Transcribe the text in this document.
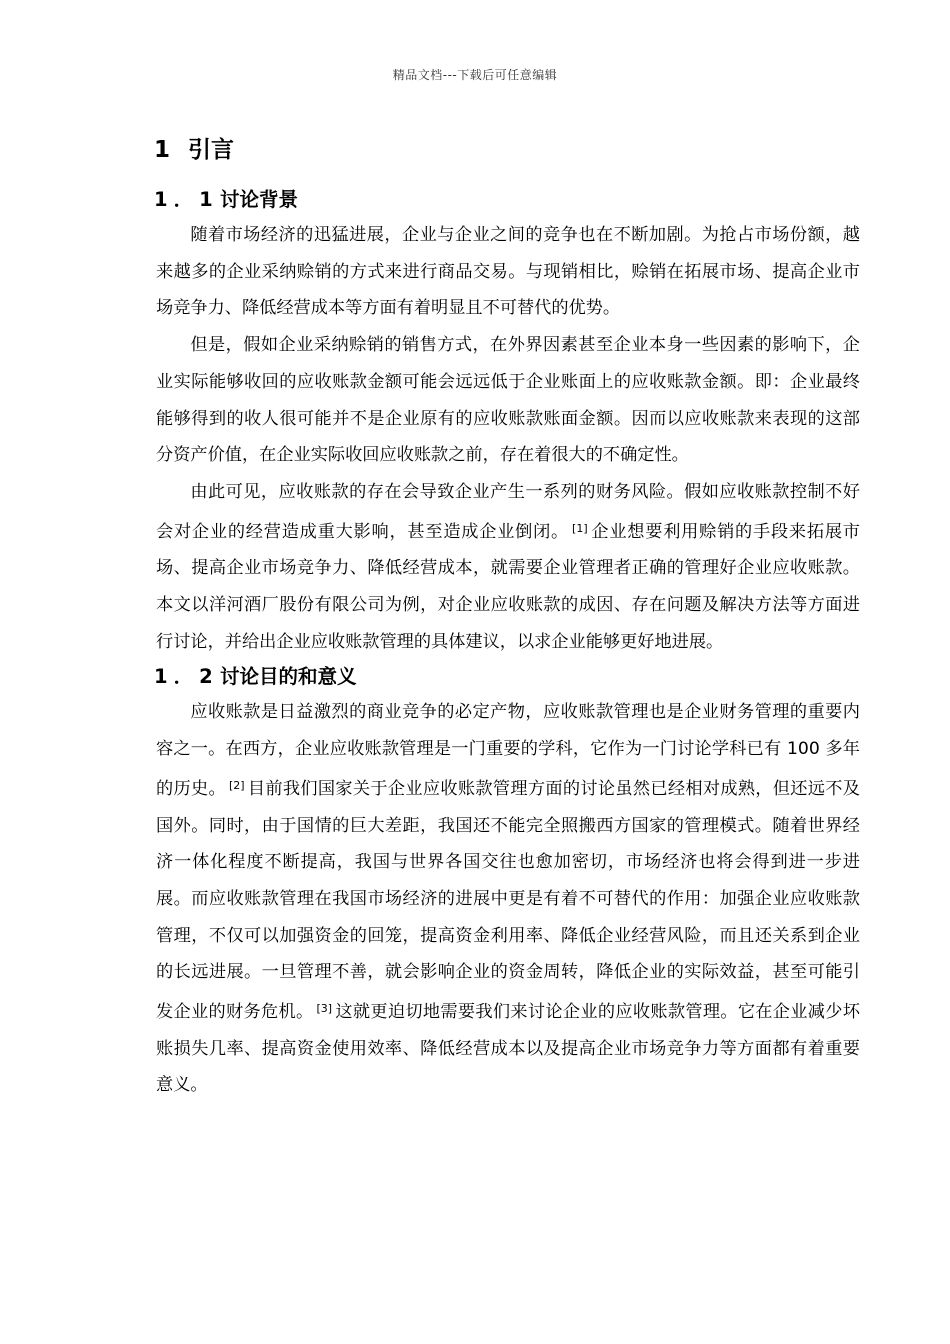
精品文档---下载后可任意编辑
1 引言
1．1讨论背景

随着市场经济的迅猛进展，企业与企业之间的竞争也在不断加剧。为抢占市场份额，越来越多的企业采纳赊销的方式来进行商品交易。与现销相比，赊销在拓展市场、提高企业市场竞争力、降低经营成本等方面有着明显且不可替代的优势。

但是，假如企业采纳赊销的销售方式，在外界因素甚至企业本身一些因素的影响下，企业实际能够收回的应收账款金额可能会远远低于企业账面上的应收账款金额。即：企业最终能够得到的收人很可能并不是企业原有的应收账款账面金额。因而以应收账款来表现的这部分资产价值，在企业实际收回应收账款之前，存在着很大的不确定性。

由此可见，应收账款的存在会导致企业产生一系列的财务风险。假如应收账款控制不好会对企业的经营造成重大影响，甚至造成企业倒闭。 [1] 企业想要利用赊销的手段来拓展市场、提高企业市场竞争力、降低经营成本，就需要企业管理者正确的管理好企业应收账款。本文以洋河酒厂股份有限公司为例，对企业应收账款的成因、存在问题及解决方法等方面进行讨论，并给出企业应收账款管理的具体建议，以求企业能够更好地进展。

1．2讨论目的和意义

应收账款是日益激烈的商业竞争的必定产物，应收账款管理也是企业财务管理的重要内容之一。在西方，企业应收账款管理是一门重要的学科，它作为一门讨论学科已有 100 多年的历史。 [2] 目前我们国家关于企业应收账款管理方面的讨论虽然已经相对成熟，但还远不及国外。同时，由于国情的巨大差距，我国还不能完全照搬西方国家的管理模式。随着世界经济一体化程度不断提高，我国与世界各国交往也愈加密切，市场经济也将会得到进一步进展。而应收账款管理在我国市场经济的进展中更是有着不可替代的作用：加强企业应收账款管理，不仅可以加强资金的回笼，提高资金利用率、降低企业经营风险，而且还关系到企业的长远进展。一旦管理不善，就会影响企业的资金周转，降低企业的实际效益，甚至可能引发企业的财务危机。 [3] 这就更迫切地需要我们来讨论企业的应收账款管理。它在企业减少坏账损失几率、提高资金使用效率、降低经营成本以及提高企业市场竞争力等方面都有着重要意义。
